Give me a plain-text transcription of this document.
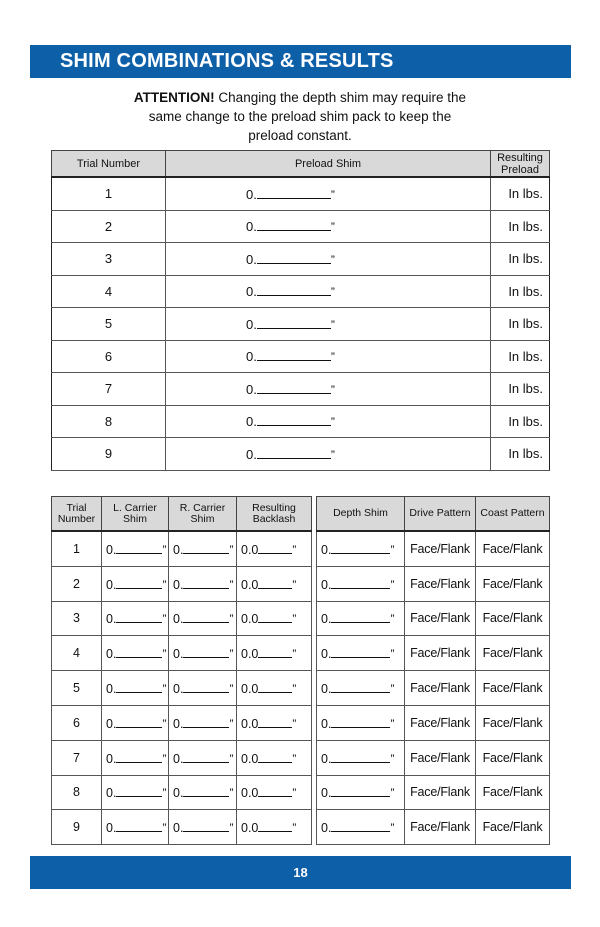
SHIM COMBINATIONS & RESULTS
ATTENTION! Changing the depth shim may require the
same change to the preload shim pack to keep the
preload constant.
Trial Number	Preload Shim	Resulting Preload
1	0. ”	In lbs.
2	0. ”	In lbs.
3	0. ”	In lbs.
4	0. ”	In lbs.
5	0. ”	In lbs.
6	0. ”	In lbs.
7	0. ”	In lbs.
8	0. ”	In lbs.
9	0. ”	In lbs.
Trial Number	L. Carrier Shim	R. Carrier Shim	Resulting Backlash
1	0. ”	0. ”	0.0 ”
2	0. ”	0. ”	0.0 ”
3	0. ”	0. ”	0.0 ”
4	0. ”	0. ”	0.0 ”
5	0. ”	0. ”	0.0 ”
6	0. ”	0. ”	0.0 ”
7	0. ”	0. ”	0.0 ”
8	0. ”	0. ”	0.0 ”
9	0. ”	0. ”	0.0 ”
Depth Shim	Drive Pattern	Coast Pattern
0. ”	Face/Flank	Face/Flank
0. ”	Face/Flank	Face/Flank
0. ”	Face/Flank	Face/Flank
0. ”	Face/Flank	Face/Flank
0. ”	Face/Flank	Face/Flank
0. ”	Face/Flank	Face/Flank
0. ”	Face/Flank	Face/Flank
0. ”	Face/Flank	Face/Flank
0. ”	Face/Flank	Face/Flank
18
